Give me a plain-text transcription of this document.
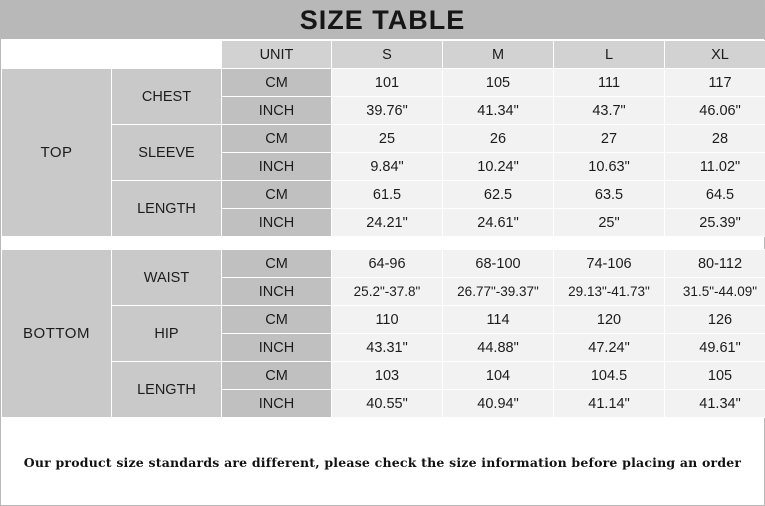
SIZE TABLE
		UNIT	S	M	L	XL
TOP	CHEST	CM	101	105	111	117
		INCH	39.76"	41.34"	43.7"	46.06"
	SLEEVE	CM	25	26	27	28
		INCH	9.84"	10.24"	10.63"	11.02"
	LENGTH	CM	61.5	62.5	63.5	64.5
		INCH	24.21"	24.61"	25"	25.39"
BOTTOM	WAIST	CM	64-96	68-100	74-106	80-112
		INCH	25.2"-37.8"	26.77"-39.37"	29.13"-41.73"	31.5"-44.09"
	HIP	CM	110	114	120	126
		INCH	43.31"	44.88"	47.24"	49.61"
	LENGTH	CM	103	104	104.5	105
		INCH	40.55"	40.94"	41.14"	41.34"
Our product size standards are different, please check the size information before placing an order
